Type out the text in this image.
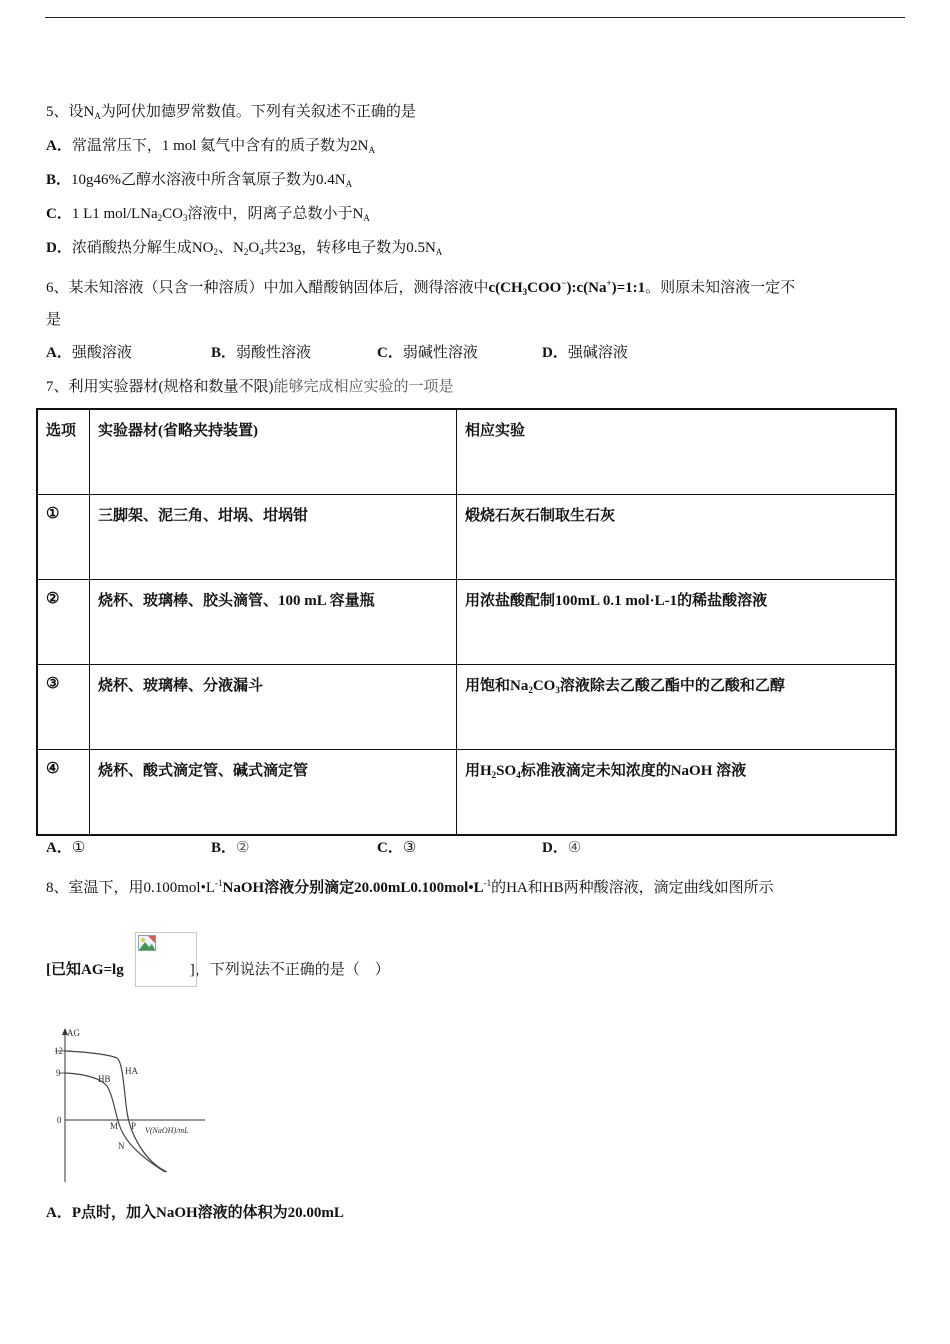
5、设$N_A$为阿伏加德罗常数值。下列有关叙述不正确的是
A．常温常压下，1 mol 氦气中含有的质子数为$2N_A$
B．10g46%乙醇水溶液中所含氧原子数为$0.4N_A$
C．1 L1 mol/$LNa_2CO_3$溶液中，阴离子总数小于$N_A$
D．浓硝酸热分解生成$NO_2$、$N_2O_4$共23g，转移电子数为$0.5N_A$
6、某未知溶液（只含一种溶质）中加入醋酸钠固体后，测得溶液中$c(CH_3COO^-):c(Na^+)=1:1$。则原未知溶液一定不
是
A．强酸溶液	B．弱酸性溶液	C．弱碱性溶液	D．强碱溶液
7、利用实验器材(规格和数量不限)能够完成相应实验的一项是
选项	实验器材(省略夹持装置)	相应实验
①	三脚架、泥三角、坩埚、坩埚钳	煅烧石灰石制取生石灰
②	烧杯、玻璃棒、胶头滴管、100 mL 容量瓶	用浓盐酸配制100mL 0.1 mol·L-1的稀盐酸溶液
③	烧杯、玻璃棒、分液漏斗	用饱和$Na_2CO_3$溶液除去乙酸乙酯中的乙酸和乙醇
④	烧杯、酸式滴定管、碱式滴定管	用$H_2SO_4$标准液滴定未知浓度的NaOH 溶液
A．①	B．②	C．③	D．④
8、室温下，用$0.100mol•L^{-1}NaOH$溶液分别滴定$20.00mL0.100mol•L^{-1}$的HA和HB两种酸溶液，滴定曲线如图所示
[已知AG=lg	]，下列说法不正确的是（　）
AG
12
9
0
HA
HB
M P
N
V(NaOH)/mL
A．P点时，加入NaOH溶液的体积为20.00mL
